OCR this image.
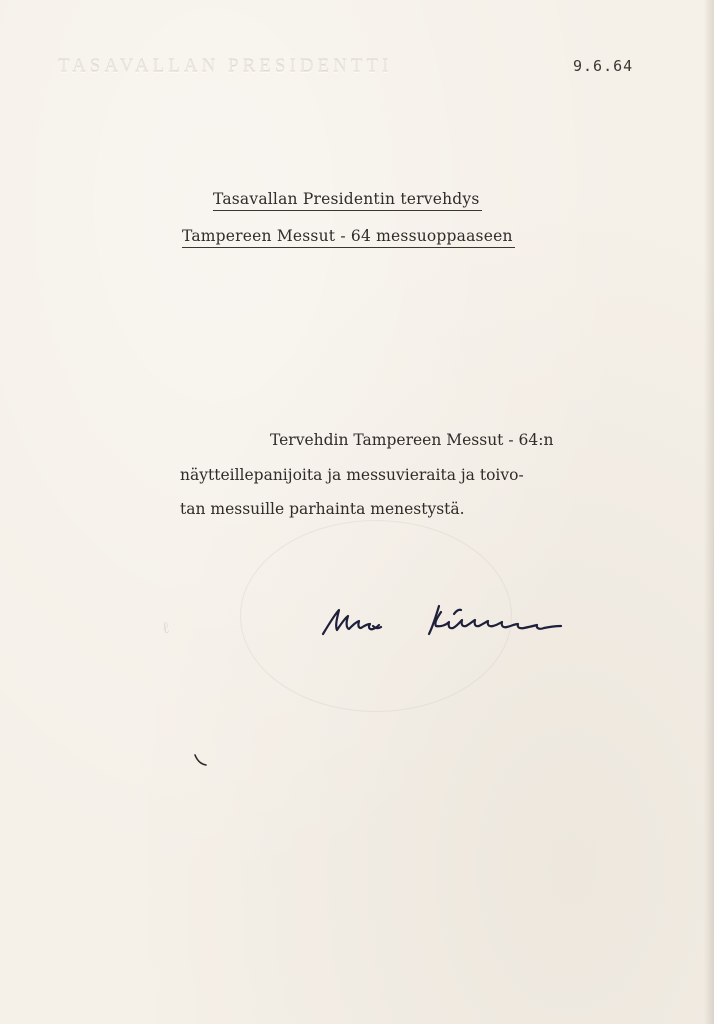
TASAVALLAN PRESIDENTTI	9.6.64
Tasavallan Presidentin tervehdys
Tampereen Messut - 64 messuoppaaseen
ℓ
Tervehdin Tampereen Messut - 64:n
näytteillepanijoita ja messuvieraita ja toivo-
tan messuille parhainta menestystä.
